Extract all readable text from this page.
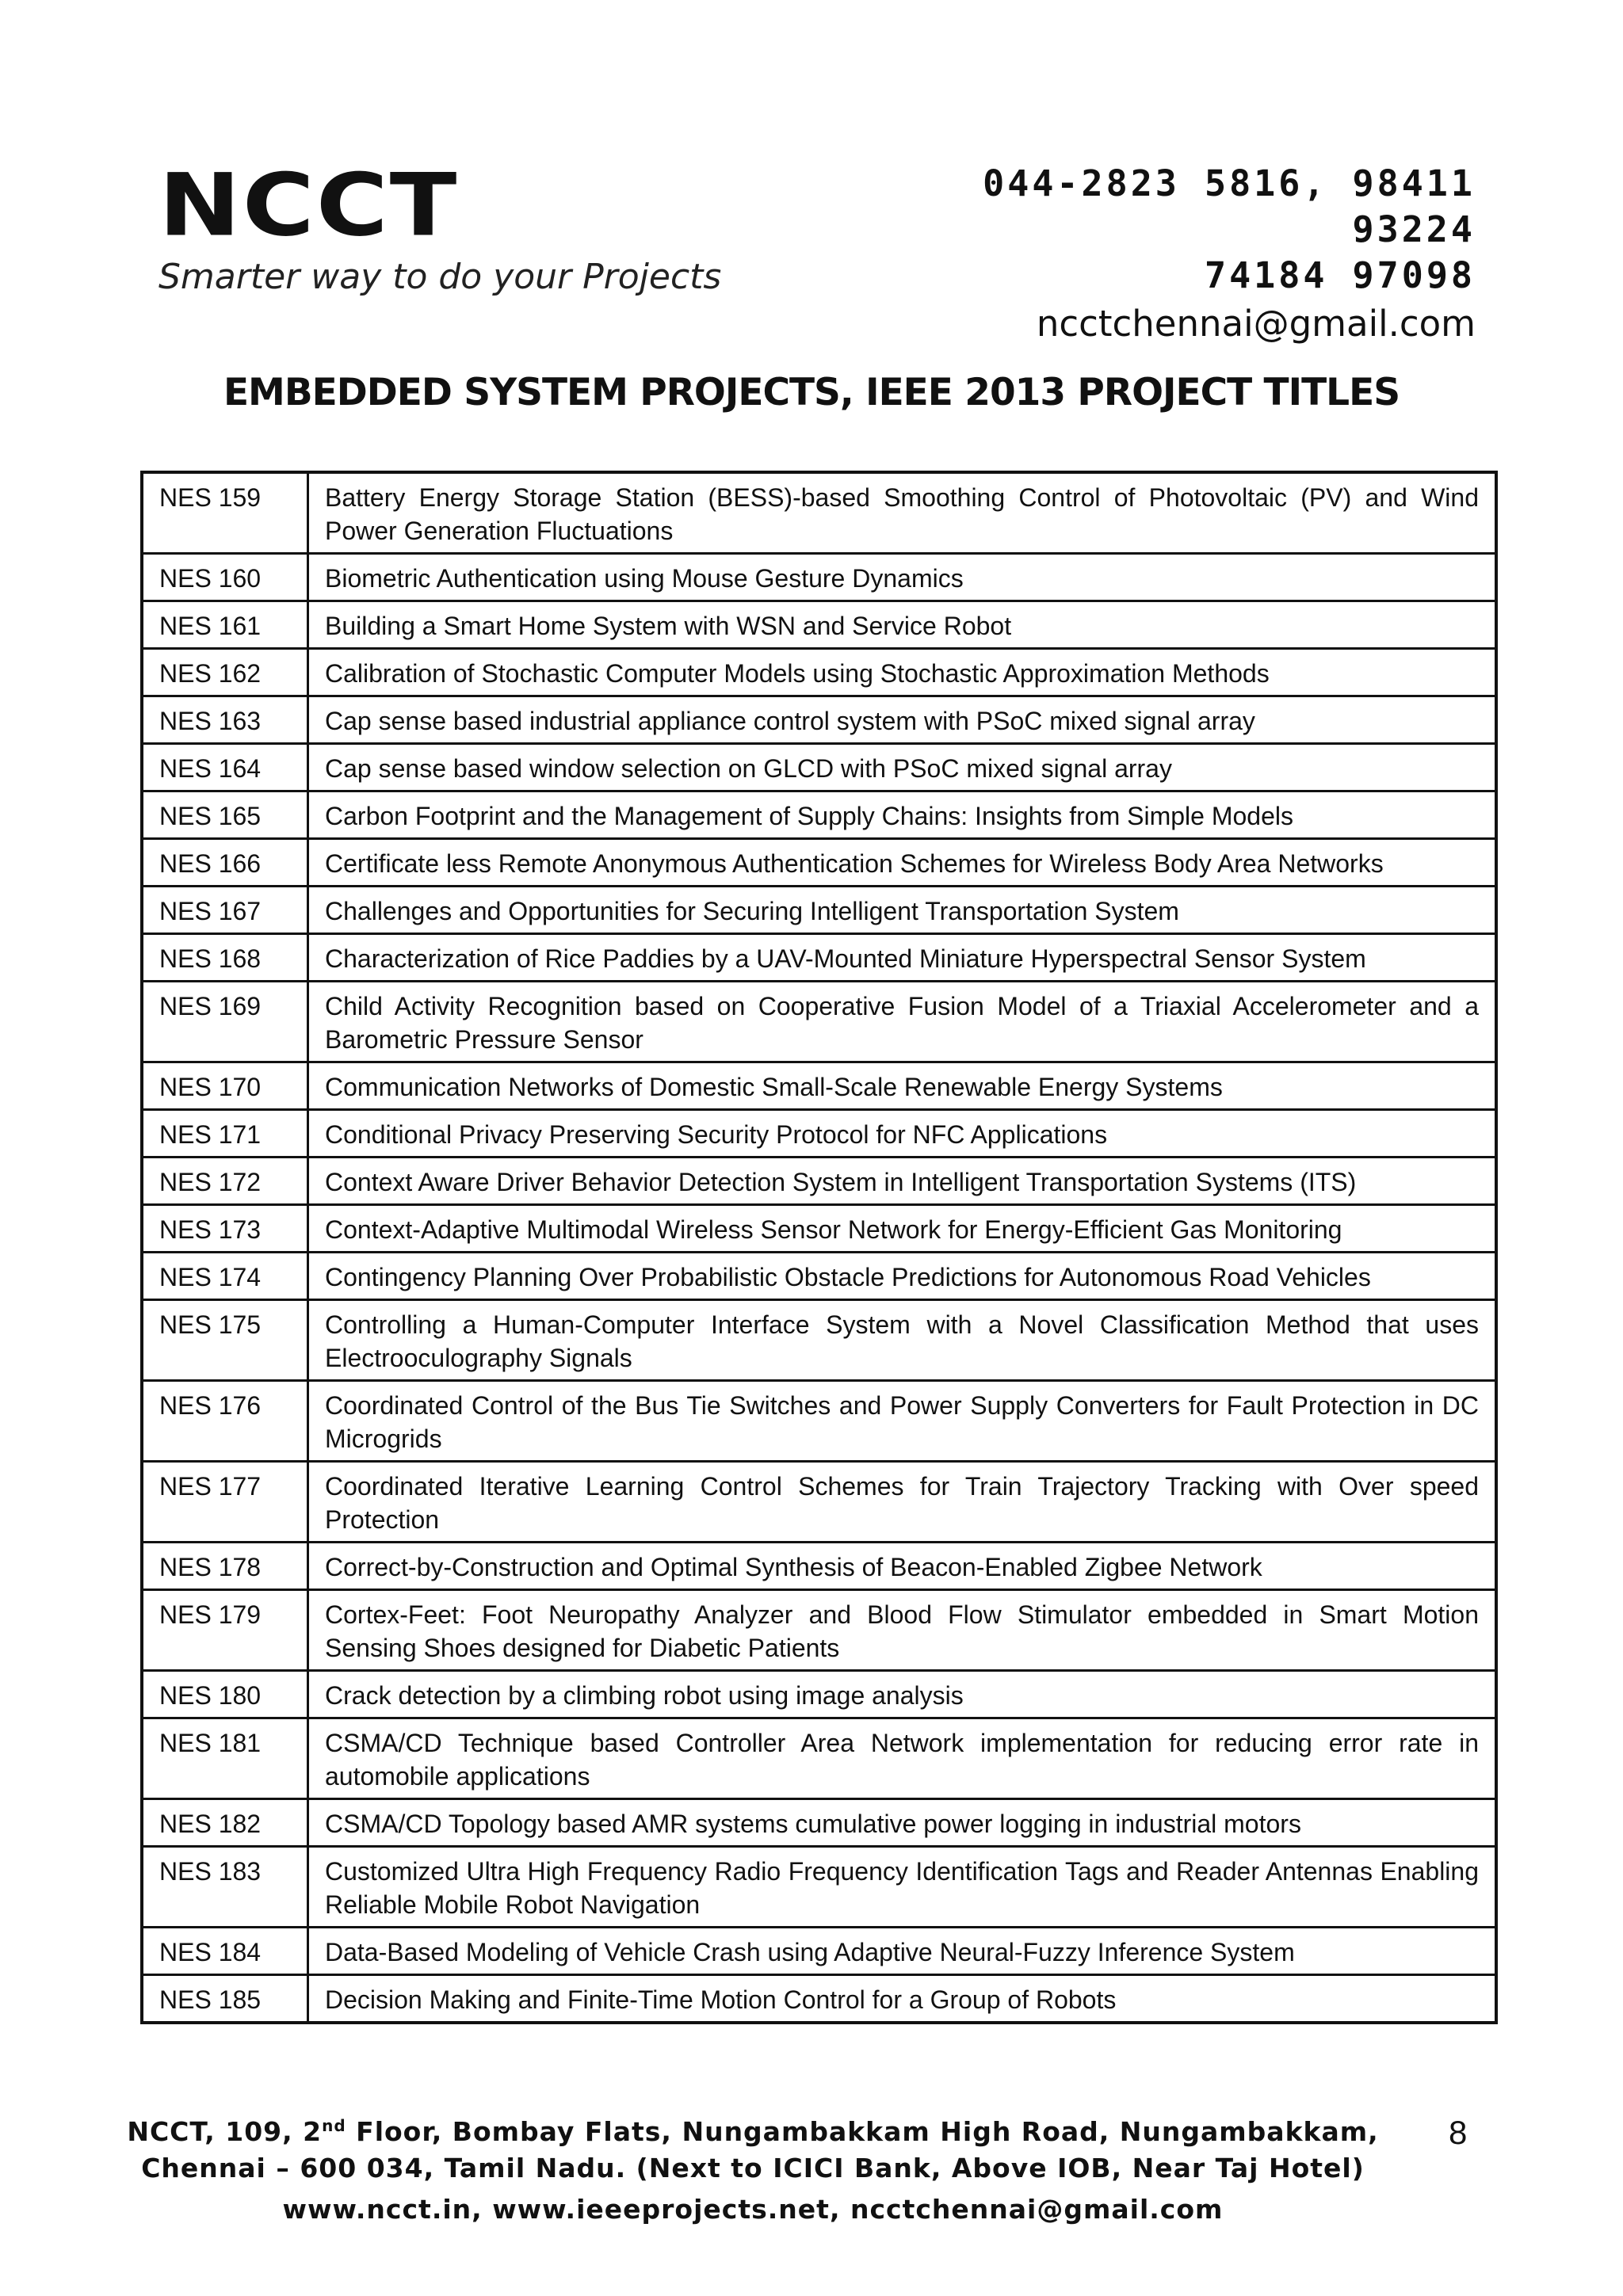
NCCT
Smarter way to do your Projects
044-2823 5816, 98411
93224
74184 97098
ncctchennai@gmail.com
EMBEDDED SYSTEM PROJECTS, IEEE 2013 PROJECT TITLES
NES 159	Battery Energy Storage Station (BESS)-based Smoothing Control of Photovoltaic (PV) and Wind Power Generation Fluctuations
NES 160	Biometric Authentication using Mouse Gesture Dynamics
NES 161	Building a Smart Home System with WSN and Service Robot
NES 162	Calibration of Stochastic Computer Models using Stochastic Approximation Methods
NES 163	Cap sense based industrial appliance control system with PSoC mixed signal array
NES 164	Cap sense based window selection on GLCD with PSoC mixed signal array
NES 165	Carbon Footprint and the Management of Supply Chains: Insights from Simple Models
NES 166	Certificate less Remote Anonymous Authentication Schemes for Wireless Body Area Networks
NES 167	Challenges and Opportunities for Securing Intelligent Transportation System
NES 168	Characterization of Rice Paddies by a UAV-Mounted Miniature Hyperspectral Sensor System
NES 169	Child Activity Recognition based on Cooperative Fusion Model of a Triaxial Accelerometer and a Barometric Pressure Sensor
NES 170	Communication Networks of Domestic Small-Scale Renewable Energy Systems
NES 171	Conditional Privacy Preserving Security Protocol for NFC Applications
NES 172	Context Aware Driver Behavior Detection System in Intelligent Transportation Systems (ITS)
NES 173	Context-Adaptive Multimodal Wireless Sensor Network for Energy-Efficient Gas Monitoring
NES 174	Contingency Planning Over Probabilistic Obstacle Predictions for Autonomous Road Vehicles
NES 175	Controlling a Human-Computer Interface System with a Novel Classification Method that uses Electrooculography Signals
NES 176	Coordinated Control of the Bus Tie Switches and Power Supply Converters for Fault Protection in DC Microgrids
NES 177	Coordinated Iterative Learning Control Schemes for Train Trajectory Tracking with Over speed Protection
NES 178	Correct-by-Construction and Optimal Synthesis of Beacon-Enabled Zigbee Network
NES 179	Cortex-Feet: Foot Neuropathy Analyzer and Blood Flow Stimulator embedded in Smart Motion Sensing Shoes designed for Diabetic Patients
NES 180	Crack detection by a climbing robot using image analysis
NES 181	CSMA/CD Technique based Controller Area Network implementation for reducing error rate in automobile applications
NES 182	CSMA/CD Topology based AMR systems cumulative power logging in industrial motors
NES 183	Customized Ultra High Frequency Radio Frequency Identification Tags and Reader Antennas Enabling Reliable Mobile Robot Navigation
NES 184	Data-Based Modeling of Vehicle Crash using Adaptive Neural-Fuzzy Inference System
NES 185	Decision Making and Finite-Time Motion Control for a Group of Robots
NCCT, 109, 2nd Floor, Bombay Flats, Nungambakkam High Road, Nungambakkam,
Chennai – 600 034, Tamil Nadu. (Next to ICICI Bank, Above IOB, Near Taj Hotel)
www.ncct.in, www.ieeeprojects.net, ncctchennai@gmail.com
8
